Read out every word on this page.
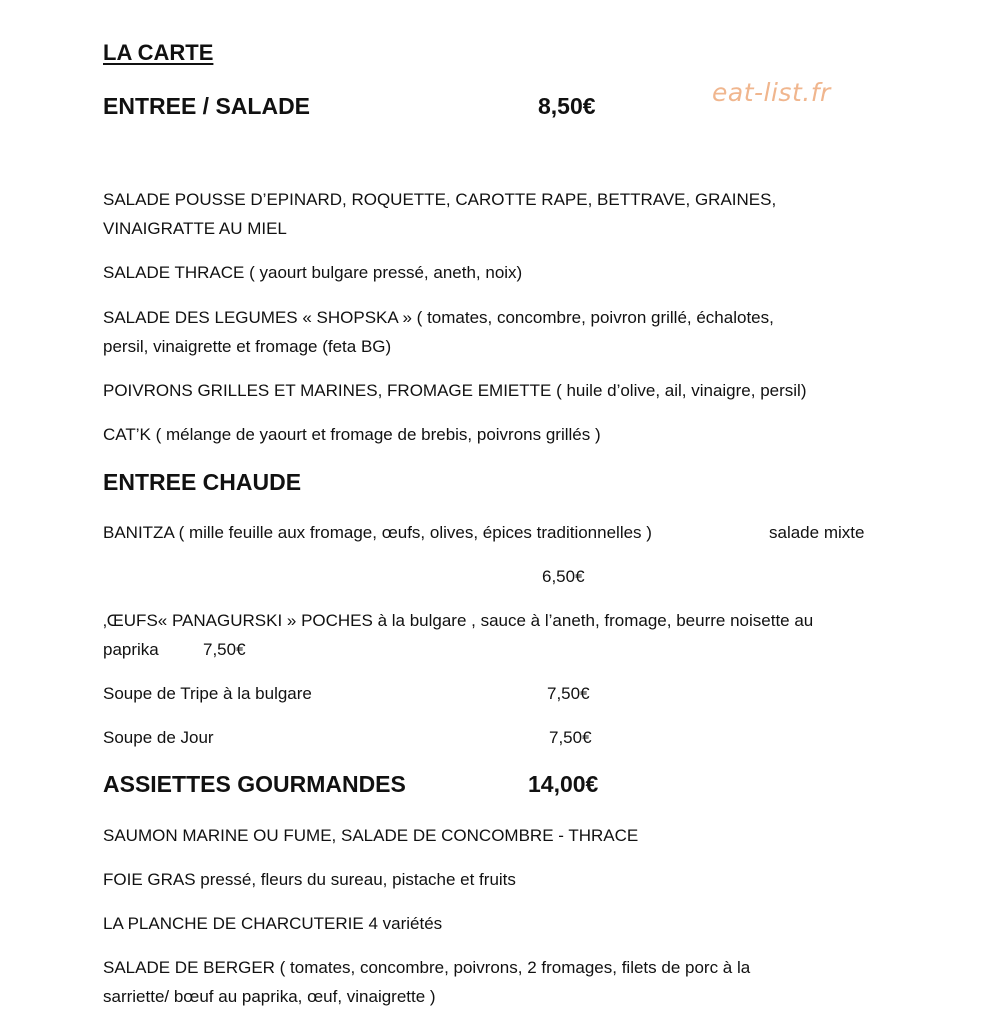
LA CARTE
eat-list.fr
ENTREE / SALADE	8,50€
SALADE POUSSE D’EPINARD, ROQUETTE, CAROTTE RAPE, BETTRAVE, GRAINES,
VINAIGRATTE AU MIEL
SALADE THRACE ( yaourt bulgare pressé, aneth, noix)
SALADE DES LEGUMES « SHOPSKA » ( tomates, concombre, poivron grillé, échalotes,
persil, vinaigrette et fromage (feta BG)
POIVRONS GRILLES ET MARINES, FROMAGE EMIETTE ( huile d’olive, ail, vinaigre, persil)
CAT’K ( mélange de yaourt et fromage de brebis, poivrons grillés )
ENTREE CHAUDE
BANITZA ( mille feuille aux fromage, œufs, olives, épices traditionnelles )	salade mixte
6,50€
‚ŒUFS« PANAGURSKI » POCHES à la bulgare , sauce à l’aneth, fromage, beurre noisette au
paprika	7,50€
Soupe de Tripe à la bulgare	7,50€
Soupe de Jour	7,50€
ASSIETTES GOURMANDES	14,00€
SAUMON MARINE OU FUME, SALADE DE CONCOMBRE - THRACE
FOIE GRAS pressé, fleurs du sureau, pistache et fruits
LA PLANCHE DE CHARCUTERIE 4 variétés
SALADE DE BERGER ( tomates, concombre, poivrons, 2 fromages, filets de porc à la
sarriette/ bœuf au paprika, œuf, vinaigrette )
